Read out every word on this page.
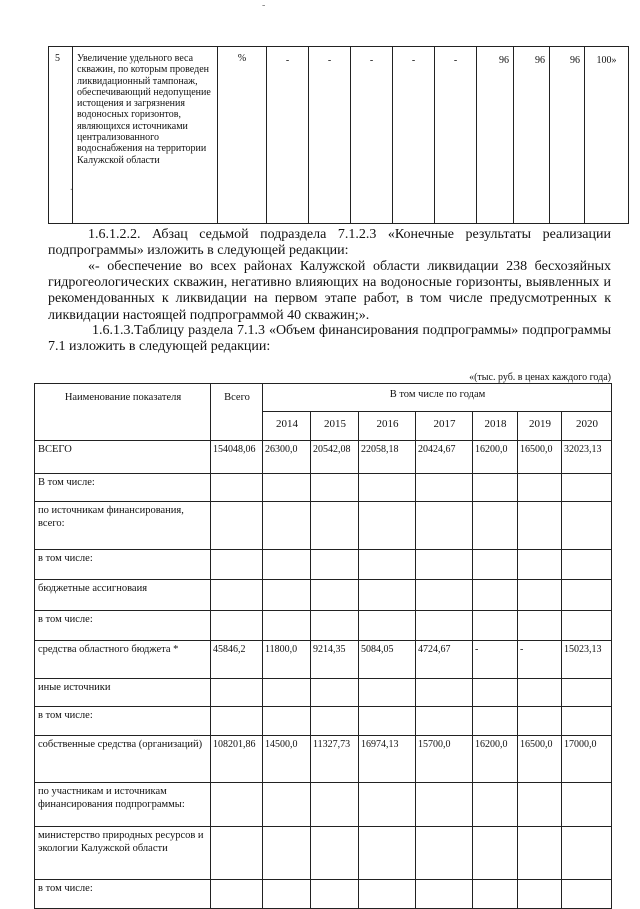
-
.
5	Увеличение удельного веса скважин, по которым проведен ликвидационный тампонаж, обеспечивающий недопущение истощения и загрязнения водоносных горизонтов, являющихся источниками централизованного водоснабжения на территории Калужской области	%	-	-	-	-	-	96	96	96	100»

1.6.1.2.2. Абзац седьмой подраздела 7.1.2.3 «Конечные результаты реализации подпрограммы» изложить в следующей редакции:

«- обеспечение во всех районах Калужской области ликвидации 238 бесхозяйных гидрогеологических скважин, негативно влияющих на водоносные горизонты, выявленных и рекомендованных к ликвидации на первом этапе работ, в том числе предусмотренных к ликвидации настоящей подпрограммой 40 скважин;».

1.6.1.3.Таблицу раздела 7.1.3 «Объем финансирования подпрограммы» подпрограммы 7.1 изложить в следующей редакции:

«(тыс. руб. в ценах каждого года)
Наименование показателя	Всего	В том числе по годам						
		2014	2015	2016	2017	2018	2019	2020
ВСЕГО	154048,06	26300,0	20542,08	22058,18	20424,67	16200,0	16500,0	32023,13
В том числе:								
по источникам финансирования, всего:								
в том числе:								
бюджетные ассигноваия								
в том числе:								
средства областного бюджета *	45846,2	11800,0	9214,35	5084,05	4724,67	-	-	15023,13
иные источники								
в том числе:								
собственные средства (организаций)	108201,86	14500,0	11327,73	16974,13	15700,0	16200,0	16500,0	17000,0
по участникам и источникам финансирования подпрограммы:								
министерство природных ресурсов и экологии Калужской области								
в том числе:								
